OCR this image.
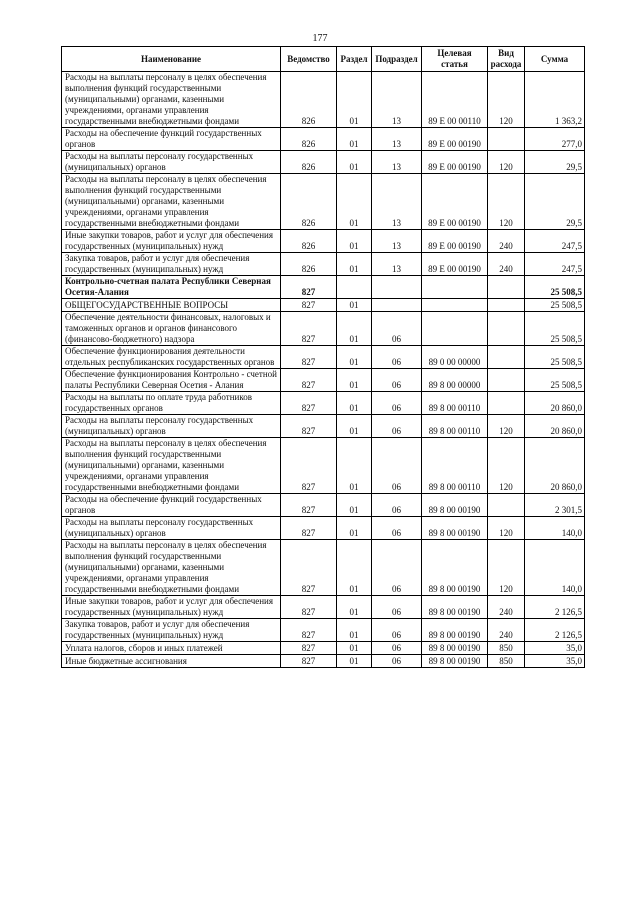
177
Наименование	Ведомство	Раздел	Подраздел	Целевая статья	Вид расхода	Сумма
Расходы на выплаты персоналу в целях обеспечения выполнения функций государственными (муниципальными) органами, казенными учреждениями, органами управления государственными внебюджетными фондами	826	01	13	89 Е 00 00110	120	1 363,2
Расходы на обеспечение функций государственных органов	826	01	13	89 Е 00 00190		277,0
Расходы на выплаты персоналу государственных (муниципальных) органов	826	01	13	89 Е 00 00190	120	29,5
Расходы на выплаты персоналу в целях обеспечения выполнения функций государственными (муниципальными) органами, казенными учреждениями, органами управления государственными внебюджетными фондами	826	01	13	89 Е 00 00190	120	29,5
Иные закупки товаров, работ и услуг для обеспечения государственных (муниципальных) нужд	826	01	13	89 Е 00 00190	240	247,5
Закупка товаров, работ и услуг для обеспечения государственных (муниципальных) нужд	826	01	13	89 Е 00 00190	240	247,5
Контрольно-счетная палата Республики Северная Осетия-Алания	827					25 508,5
ОБЩЕГОСУДАРСТВЕННЫЕ ВОПРОСЫ	827	01				25 508,5
Обеспечение деятельности финансовых, налоговых и таможенных органов и органов финансового (финансово-бюджетного) надзора	827	01	06			25 508,5
Обеспечение функционирования деятельности отдельных республиканских государственных органов	827	01	06	89 0 00 00000		25 508,5
Обеспечение функционирования Контрольно - счетной палаты Республики Северная Осетия - Алания	827	01	06	89 8 00 00000		25 508,5
Расходы на выплаты по оплате труда работников государственных органов	827	01	06	89 8 00 00110		20 860,0
Расходы на выплаты персоналу государственных (муниципальных) органов	827	01	06	89 8 00 00110	120	20 860,0
Расходы на выплаты персоналу в целях обеспечения выполнения функций государственными (муниципальными) органами, казенными учреждениями, органами управления государственными внебюджетными фондами	827	01	06	89 8 00 00110	120	20 860,0
Расходы на обеспечение функций государственных органов	827	01	06	89 8 00 00190		2 301,5
Расходы на выплаты персоналу государственных (муниципальных) органов	827	01	06	89 8 00 00190	120	140,0
Расходы на выплаты персоналу в целях обеспечения выполнения функций государственными (муниципальными) органами, казенными учреждениями, органами управления государственными внебюджетными фондами	827	01	06	89 8 00 00190	120	140,0
Иные закупки товаров, работ и услуг для обеспечения государственных (муниципальных) нужд	827	01	06	89 8 00 00190	240	2 126,5
Закупка товаров, работ и услуг для обеспечения государственных (муниципальных) нужд	827	01	06	89 8 00 00190	240	2 126,5
Уплата налогов, сборов и иных платежей	827	01	06	89 8 00 00190	850	35,0
Иные бюджетные ассигнования	827	01	06	89 8 00 00190	850	35,0
